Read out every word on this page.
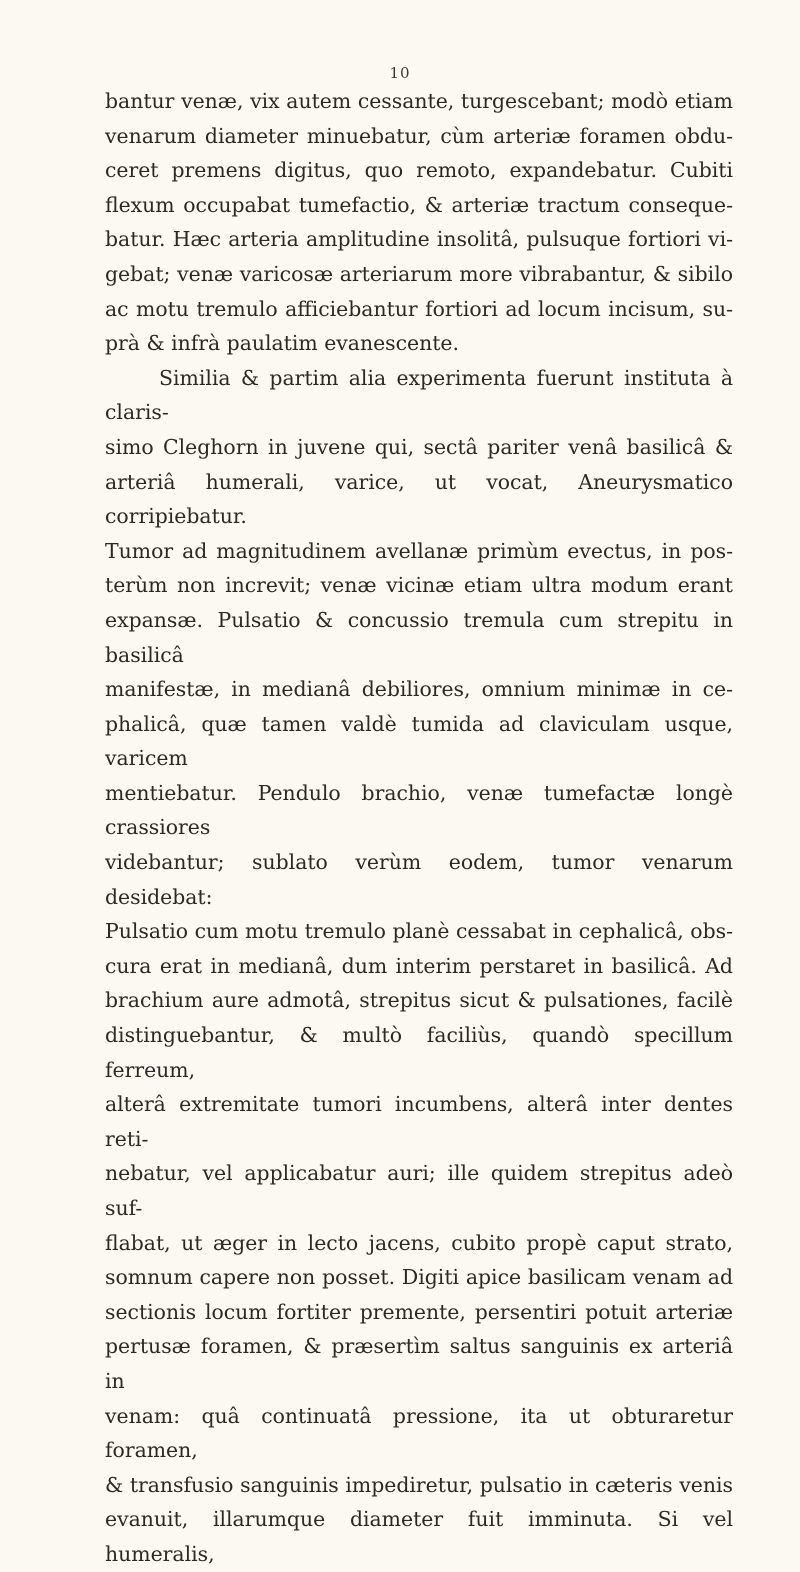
10

bantur venæ, vix autem cessante, turgescebant; modò etiam

venarum diameter minuebatur, cùm arteriæ foramen obdu-

ceret premens digitus, quo remoto, expandebatur. Cubiti

flexum occupabat tumefactio, & arteriæ tractum conseque-

batur. Hæc arteria amplitudine insolitâ, pulsuque fortiori vi-

gebat; venæ varicosæ arteriarum more vibrabantur, & sibilo

ac motu tremulo afficiebantur fortiori ad locum incisum, su-

prà & infrà paulatim evanescente.

Similia & partim alia experimenta fuerunt instituta à claris-

simo Cleghorn in juvene qui, sectâ pariter venâ basilicâ &

arteriâ humerali, varice, ut vocat, Aneurysmatico corripiebatur.

Tumor ad magnitudinem avellanæ primùm evectus, in pos-

terùm non increvit; venæ vicinæ etiam ultra modum erant

expansæ. Pulsatio & concussio tremula cum strepitu in basilicâ

manifestæ, in medianâ debiliores, omnium minimæ in ce-

phalicâ, quæ tamen valdè tumida ad claviculam usque, varicem

mentiebatur. Pendulo brachio, venæ tumefactæ longè crassiores

videbantur; sublato verùm eodem, tumor venarum desidebat:

Pulsatio cum motu tremulo planè cessabat in cephalicâ, obs-

cura erat in medianâ, dum interim perstaret in basilicâ. Ad

brachium aure admotâ, strepitus sicut & pulsationes, facilè

distinguebantur, & multò faciliùs, quandò specillum ferreum,

alterâ extremitate tumori incumbens, alterâ inter dentes reti-

nebatur, vel applicabatur auri; ille quidem strepitus adeò suf-

flabat, ut æger in lecto jacens, cubito propè caput strato,

somnum capere non posset. Digiti apice basilicam venam ad

sectionis locum fortiter premente, persentiri potuit arteriæ

pertusæ foramen, & præsertìm saltus sanguinis ex arteriâ in

venam: quâ continuatâ pressione, ita ut obturaretur foramen,

& transfusio sanguinis impediretur, pulsatio in cæteris venis

evanuit, illarumque diameter fuit imminuta. Si vel humeralis,
